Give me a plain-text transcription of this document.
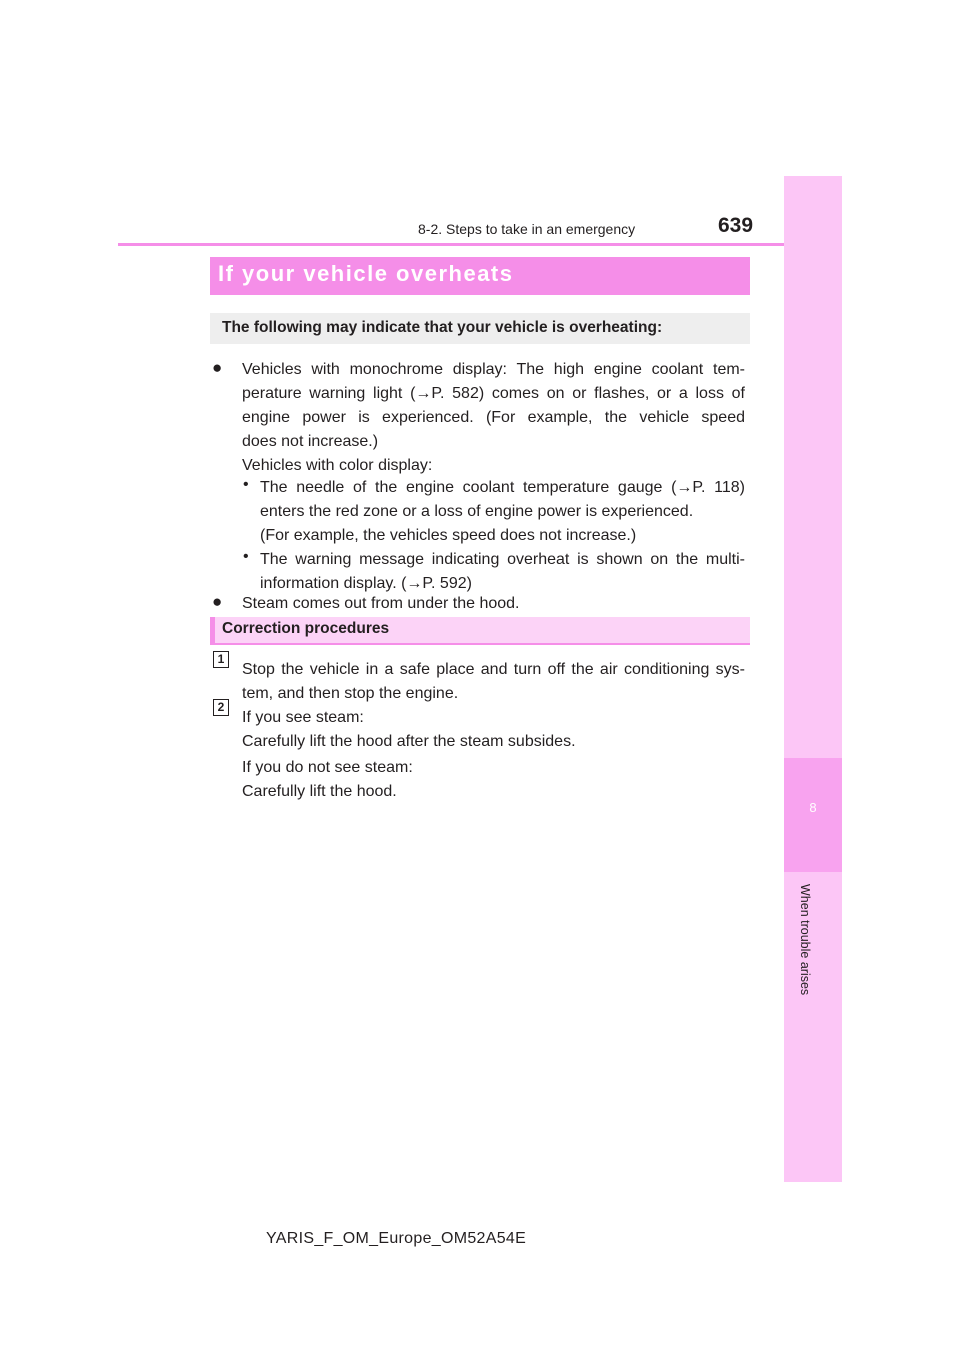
8-2. Steps to take in an emergency	639
8
When trouble arises
If your vehicle overheats
The following may indicate that your vehicle is overheating:
● Vehicles with monochrome display: The high engine coolant tem-
perature warning light (→P. 582) comes on or flashes, or a loss of
engine power is experienced. (For example, the vehicle speed
does not increase.)
Vehicles with color display:
• The needle of the engine coolant temperature gauge (→P. 118)
enters the red zone or a loss of engine power is experienced.
(For example, the vehicles speed does not increase.)
• The warning message indicating overheat is shown on the multi-
information display. (→P. 592)
● Steam comes out from under the hood.
Correction procedures
1
Stop the vehicle in a safe place and turn off the air conditioning sys-
tem, and then stop the engine.
2
If you see steam:
Carefully lift the hood after the steam subsides.
If you do not see steam:
Carefully lift the hood.
YARIS_F_OM_Europe_OM52A54E
